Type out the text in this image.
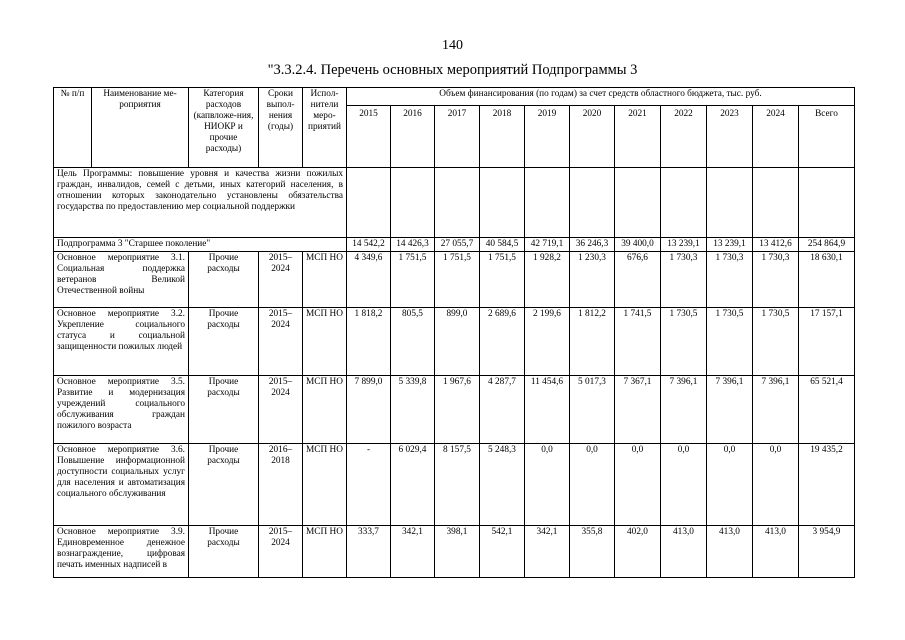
140
"3.3.2.4. Перечень основных мероприятий Подпрограммы 3
№ п/п	Наименование ме-роприятия	Категория расходов (капвложе-ния, НИОКР и прочие расходы)	Сроки выпол-нения (годы)	Испол-нители меро-приятий	Объем финансирования (по годам) за счет средств областного бюджета, тыс. руб.										
					2015	2016	2017	2018	2019	2020	2021	2022	2023	2024	Всего
Цель Программы: повышение уровня и качества жизни пожилых граждан, инвалидов, семей с детьми, иных категорий населения, в отношении которых законодательно установлены обязательства государства по предоставлению мер социальной поддержки															
Подпрограмма 3 "Старшее поколение"					14 542,2	14 426,3	27 055,7	40 584,5	42 719,1	36 246,3	39 400,0	13 239,1	13 239,1	13 412,6	254 864,9
Основное мероприятие 3.1. Социальная поддержка ветеранов Великой Отечественной войны		Прочие расходы	2015–2024	МСП НО	4 349,6	1 751,5	1 751,5	1 751,5	1 928,2	1 230,3	676,6	1 730,3	1 730,3	1 730,3	18 630,1
Основное мероприятие 3.2. Укрепление социального статуса и социальной защищенности пожилых людей		Прочие расходы	2015–2024	МСП НО	1 818,2	805,5	899,0	2 689,6	2 199,6	1 812,2	1 741,5	1 730,5	1 730,5	1 730,5	17 157,1
Основное мероприятие 3.5. Развитие и модернизация учреждений социального обслуживания граждан пожилого возраста		Прочие расходы	2015–2024	МСП НО	7 899,0	5 339,8	1 967,6	4 287,7	11 454,6	5 017,3	7 367,1	7 396,1	7 396,1	7 396,1	65 521,4
Основное мероприятие 3.6. Повышение информационной доступности социальных услуг для населения и автоматизация социального обслуживания		Прочие расходы	2016–2018	МСП НО	-	6 029,4	8 157,5	5 248,3	0,0	0,0	0,0	0,0	0,0	0,0	19 435,2
Основное мероприятие 3.9. Единовременное денежное вознаграждение, цифровая печать именных надписей в		Прочие расходы	2015–2024	МСП НО	333,7	342,1	398,1	542,1	342,1	355,8	402,0	413,0	413,0	413,0	3 954,9
